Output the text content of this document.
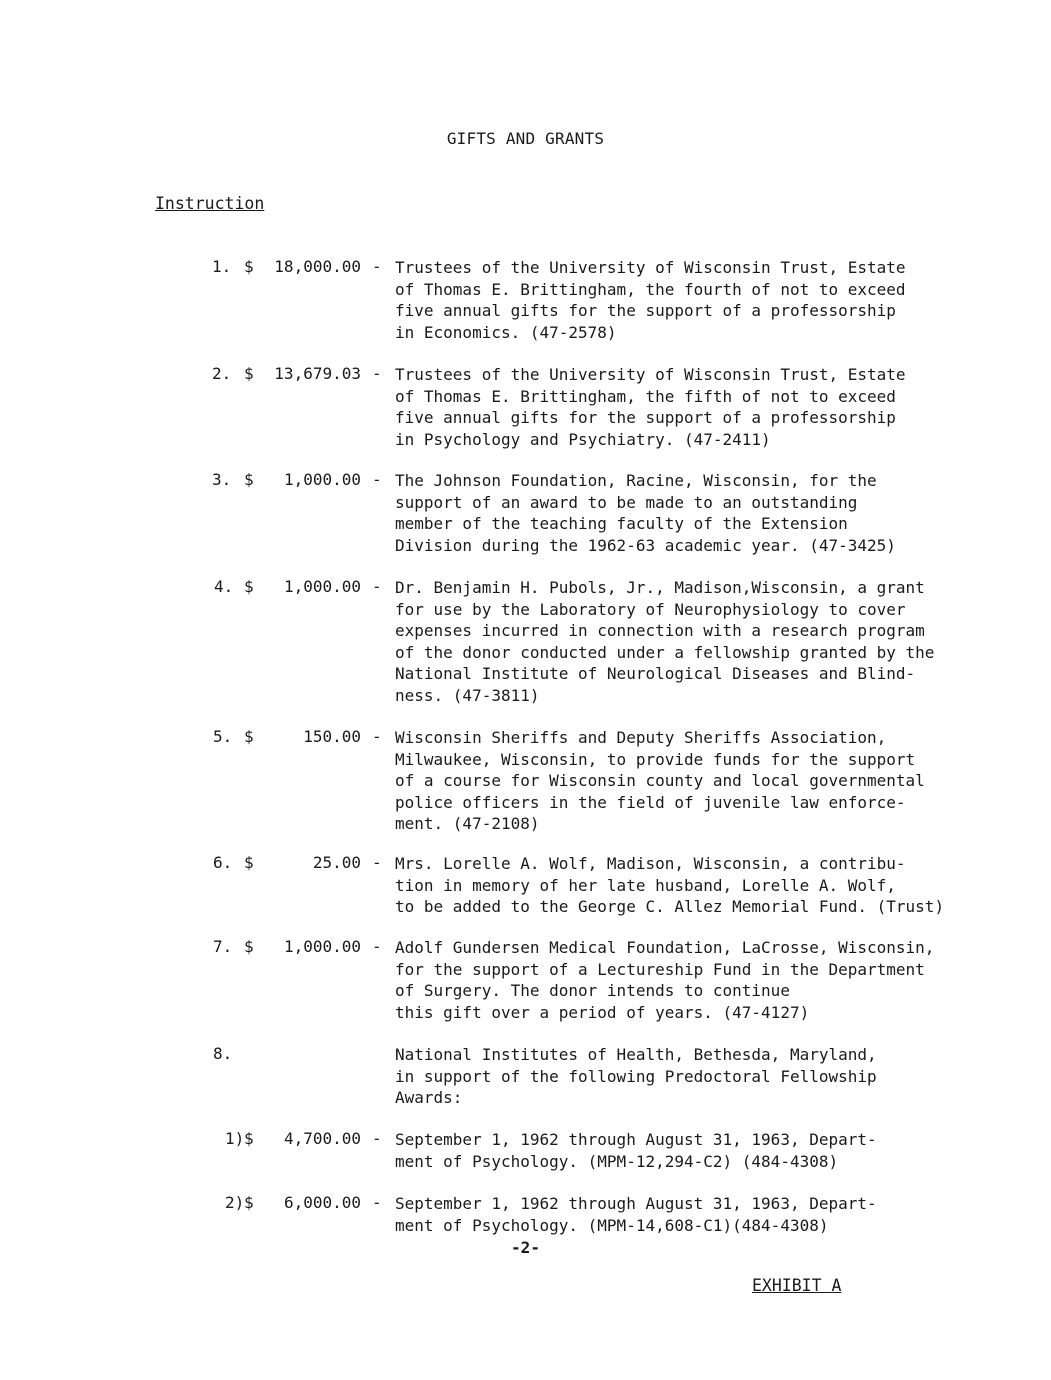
GIFTS AND GRANTS
Instruction
1. $ 18,000.00 - Trustees of the University of Wisconsin Trust, Estate
of Thomas E. Brittingham, the fourth of not to exceed
five annual gifts for the support of a professorship
in Economics. (47-2578)
2. $ 13,679.03 - Trustees of the University of Wisconsin Trust, Estate
of Thomas E. Brittingham, the fifth of not to exceed
five annual gifts for the support of a professorship
in Psychology and Psychiatry. (47-2411)
3. $ 1,000.00 - The Johnson Foundation, Racine, Wisconsin, for the
support of an award to be made to an outstanding
member of the teaching faculty of the Extension
Division during the 1962-63 academic year. (47-3425)
4. $ 1,000.00 - Dr. Benjamin H. Pubols, Jr., Madison,Wisconsin, a grant
for use by the Laboratory of Neurophysiology to cover
expenses incurred in connection with a research program
of the donor conducted under a fellowship granted by the
National Institute of Neurological Diseases and Blind-
ness. (47-3811)
5. $	150.00 - Wisconsin Sheriffs and Deputy Sheriffs Association,
Milwaukee, Wisconsin, to provide funds for the support
of a course for Wisconsin county and local governmental
police officers in the field of juvenile law enforce-
ment. (47-2108)
6. $	25.00 - Mrs. Lorelle A. Wolf, Madison, Wisconsin, a contribu-
tion in memory of her late husband, Lorelle A. Wolf,
to be added to the George C. Allez Memorial Fund. (Trust)
7. $ 1,000.00 - Adolf Gundersen Medical Foundation, LaCrosse, Wisconsin,
for the support of a Lectureship Fund in the Department
of Surgery. The donor intends to continue
this gift over a period of years. (47-4127)
8.	National Institutes of Health, Bethesda, Maryland,
in support of the following Predoctoral Fellowship
Awards:
1) $ 4,700.00 - September 1, 1962 through August 31, 1963, Depart-
ment of Psychology. (MPM-12,294-C2) (484-4308)
2) $ 6,000.00 - September 1, 1962 through August 31, 1963, Depart-
ment of Psychology. (MPM-14,608-C1)(484-4308)
-2-
EXHIBIT A
